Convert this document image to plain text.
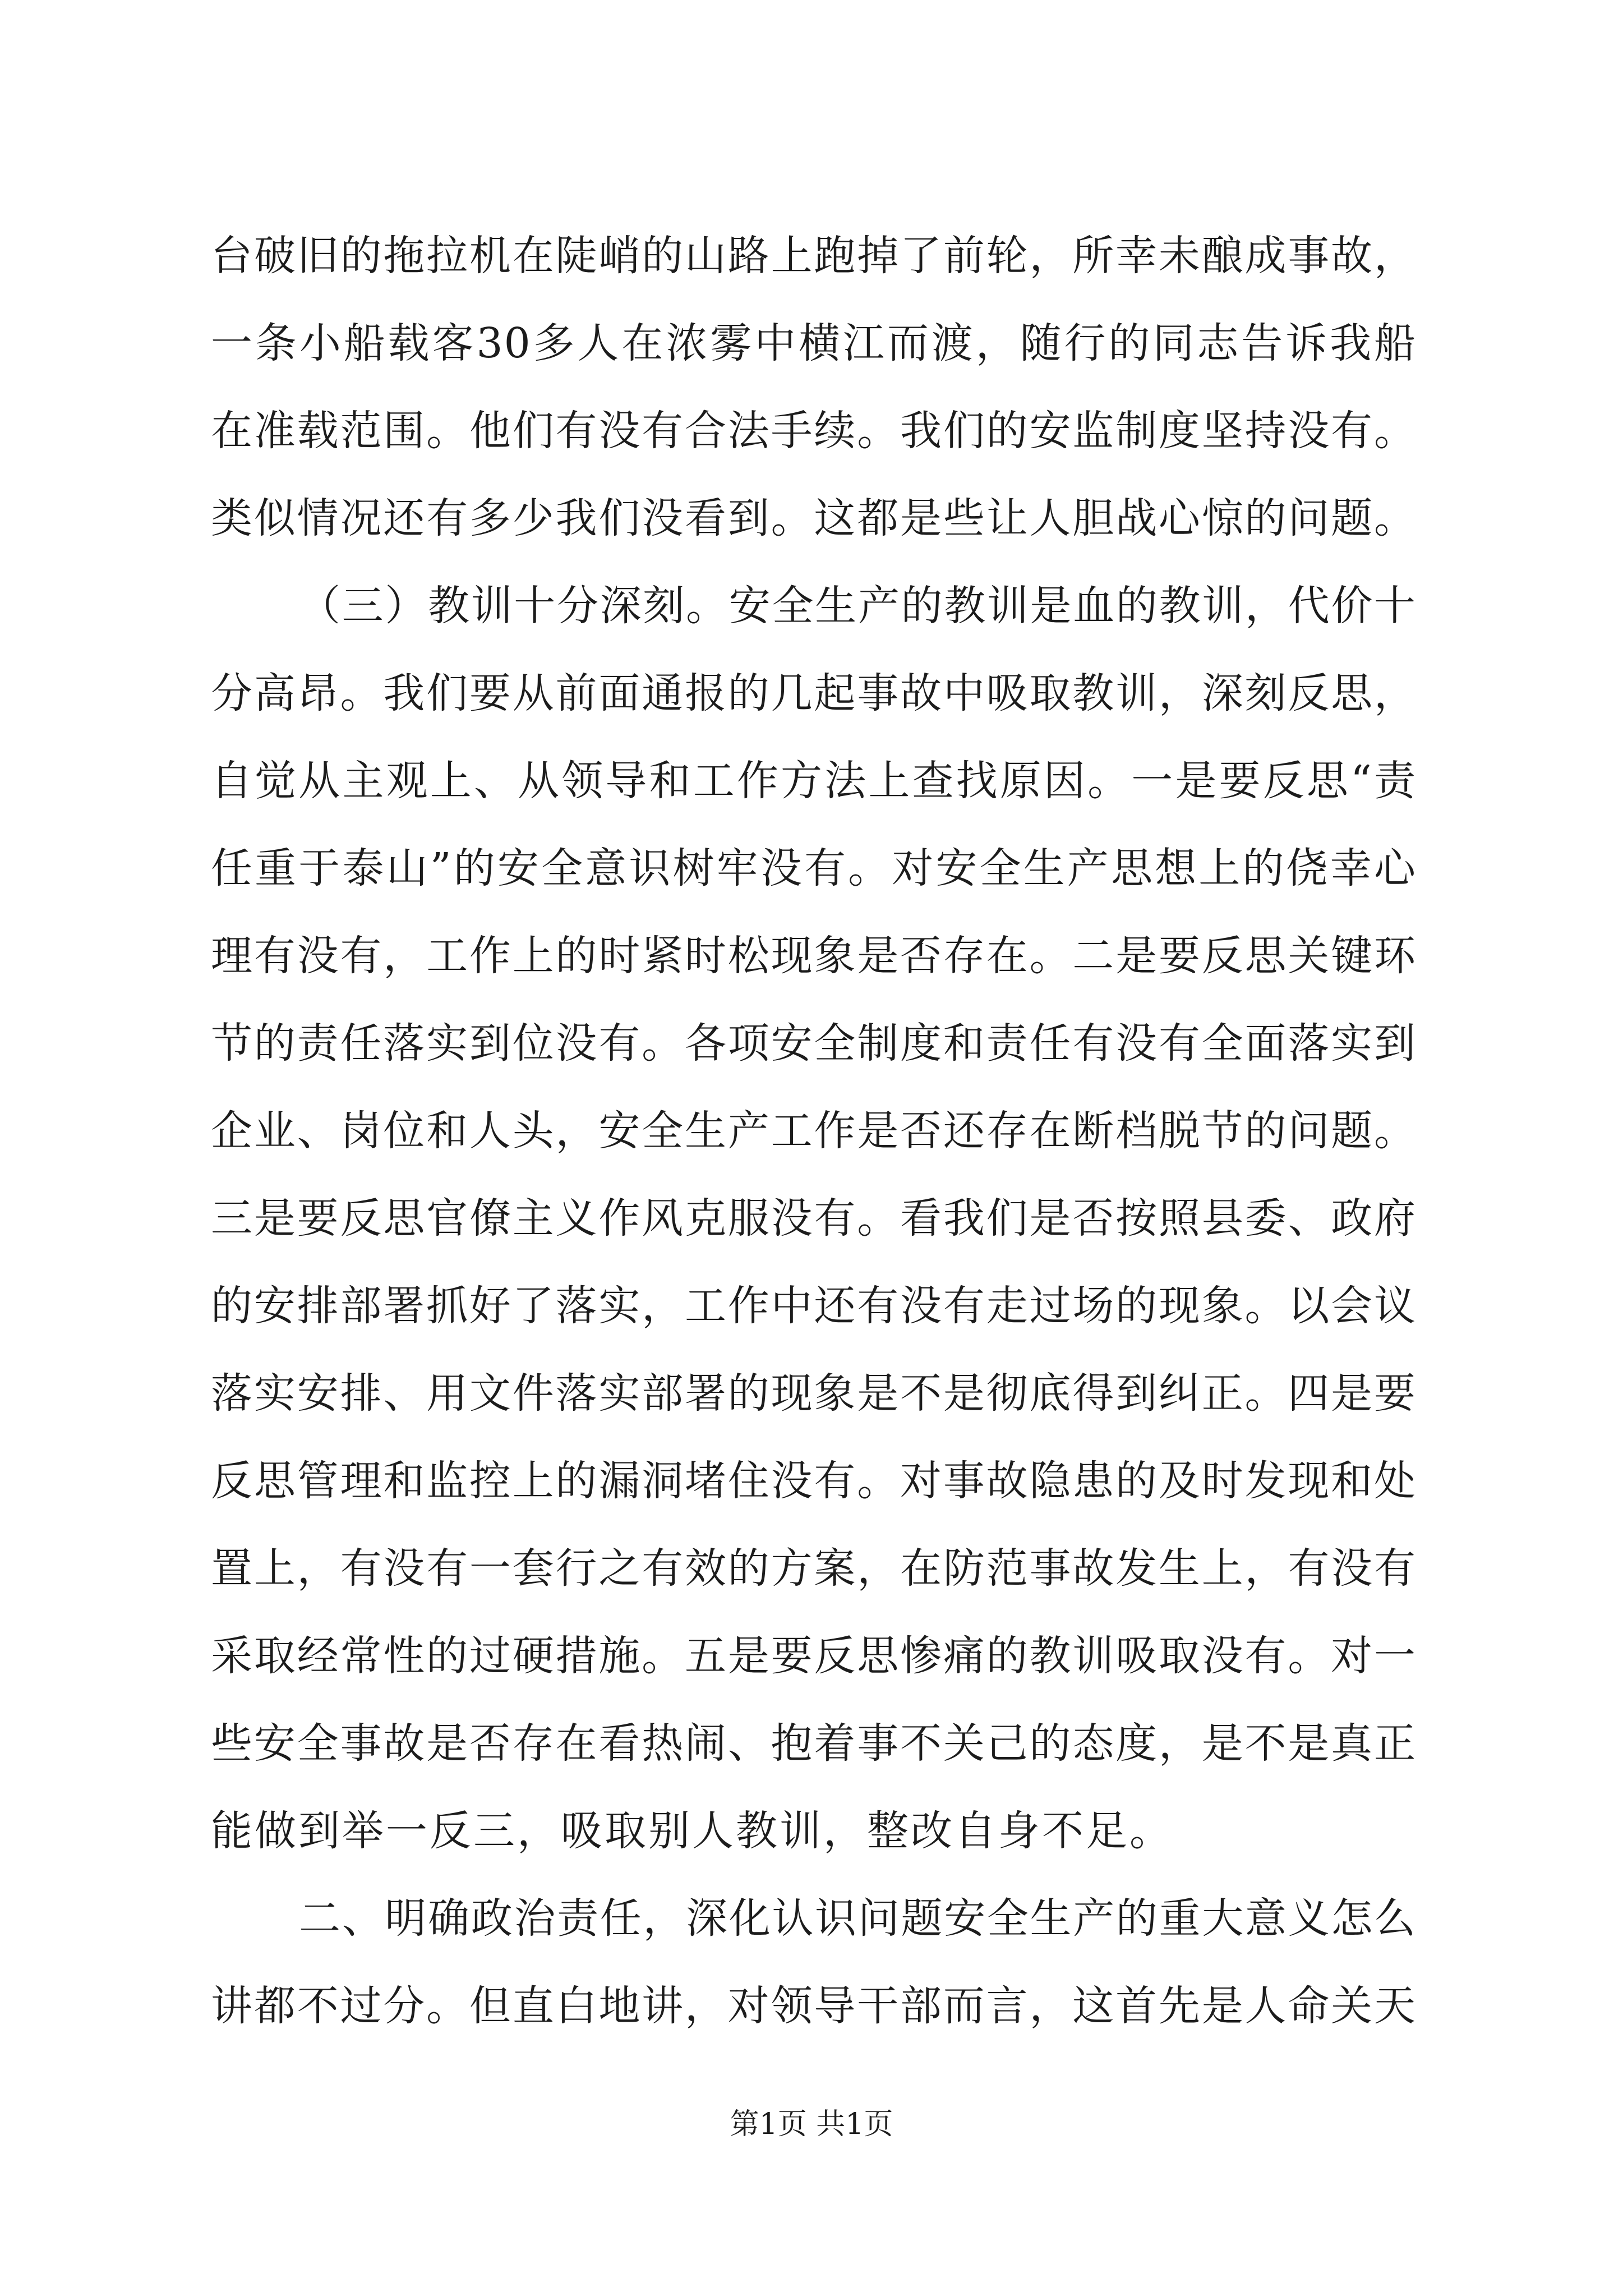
台破旧的拖拉机在陡峭的山路上跑掉了前轮，所幸未酿成事故，
一条小船载客30多人在浓雾中横江而渡，随行的同志告诉我船
在准载范围。他们有没有合法手续。我们的安监制度坚持没有。
类似情况还有多少我们没看到。这都是些让人胆战心惊的问题。
（三）教训十分深刻。安全生产的教训是血的教训，代价十
分高昂。我们要从前面通报的几起事故中吸取教训，深刻反思，
自觉从主观上、从领导和工作方法上查找原因。一是要反思“责
任重于泰山”的安全意识树牢没有。对安全生产思想上的侥幸心
理有没有，工作上的时紧时松现象是否存在。二是要反思关键环
节的责任落实到位没有。各项安全制度和责任有没有全面落实到
企业、岗位和人头，安全生产工作是否还存在断档脱节的问题。
三是要反思官僚主义作风克服没有。看我们是否按照县委、政府
的安排部署抓好了落实，工作中还有没有走过场的现象。以会议
落实安排、用文件落实部署的现象是不是彻底得到纠正。四是要
反思管理和监控上的漏洞堵住没有。对事故隐患的及时发现和处
置上，有没有一套行之有效的方案，在防范事故发生上，有没有
采取经常性的过硬措施。五是要反思惨痛的教训吸取没有。对一
些安全事故是否存在看热闹、抱着事不关己的态度，是不是真正
能做到举一反三，吸取别人教训，整改自身不足。
二、明确政治责任，深化认识问题安全生产的重大意义怎么
讲都不过分。但直白地讲，对领导干部而言，这首先是人命关天
第1页 共1页
